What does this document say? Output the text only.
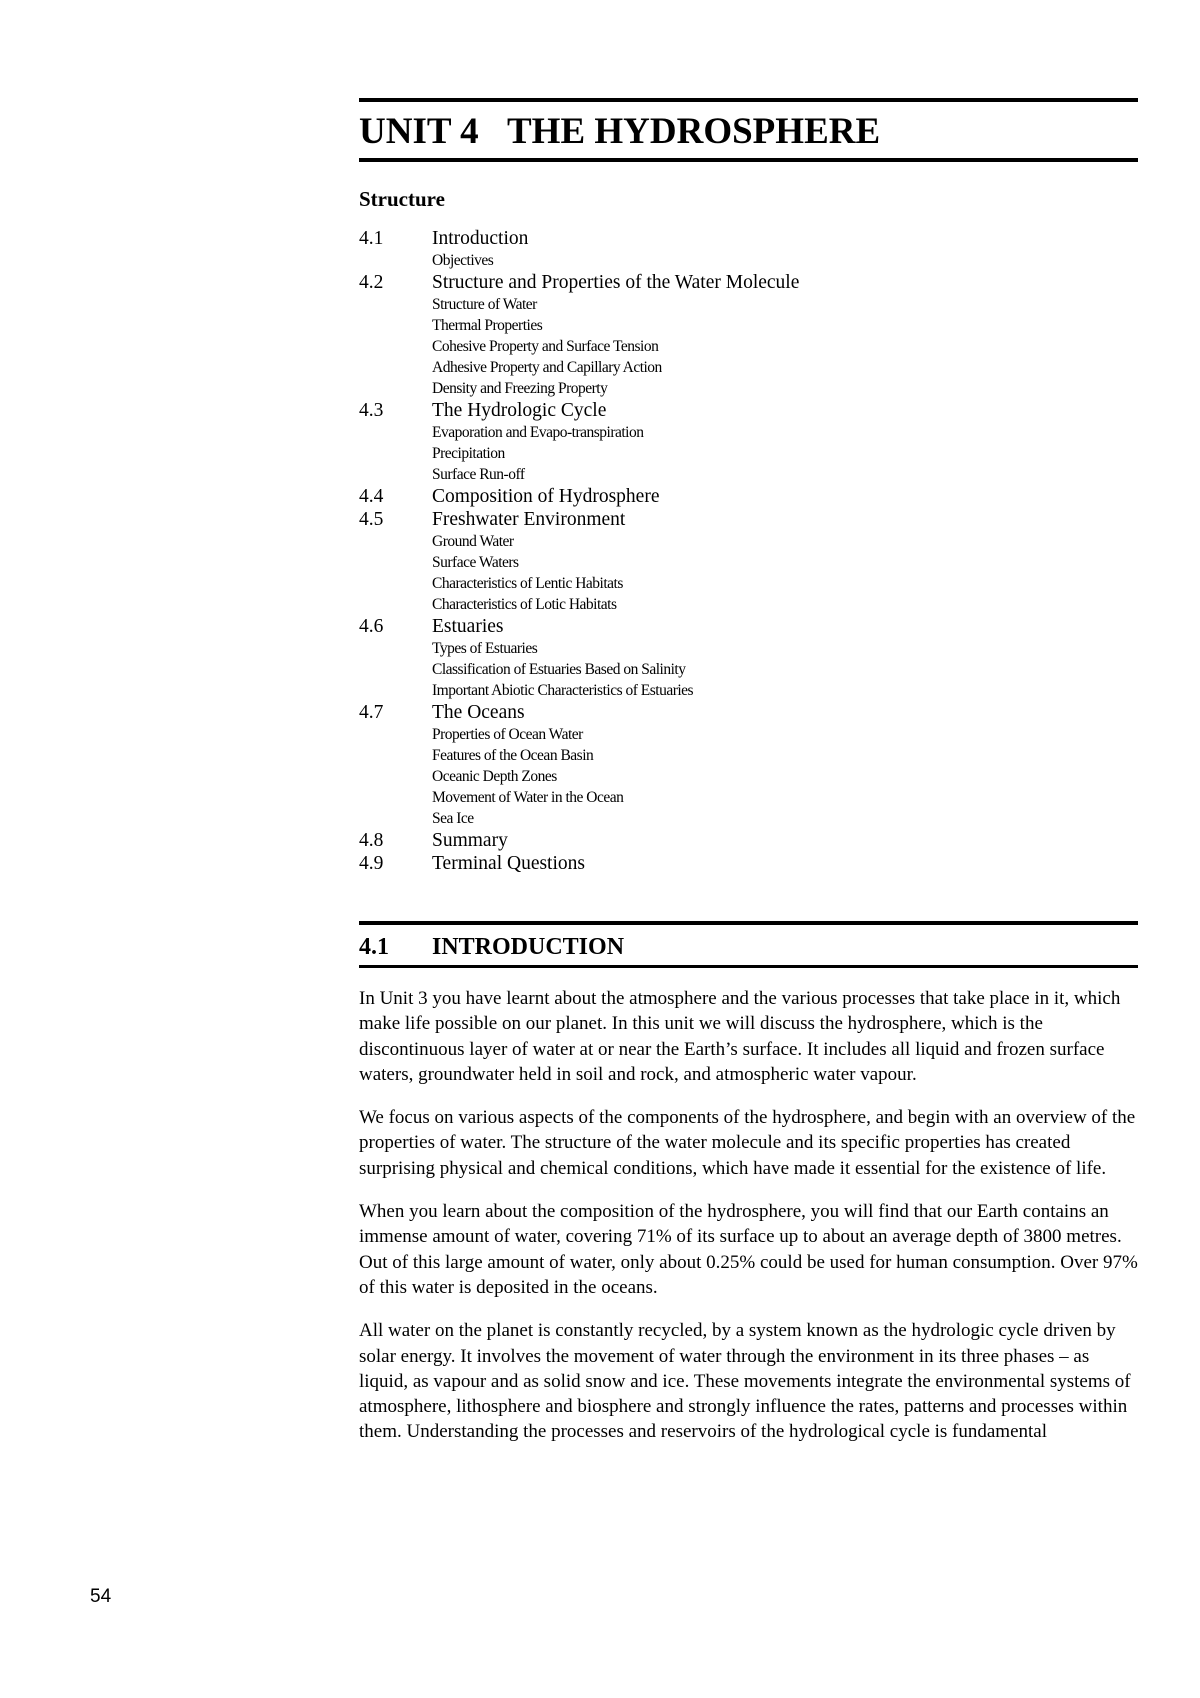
UNIT 4 THE HYDROSPHERE
Structure
4.1	Introduction
Objectives
4.2	Structure and Properties of the Water Molecule
Structure of Water
Thermal Properties
Cohesive Property and Surface Tension
Adhesive Property and Capillary Action
Density and Freezing Property
4.3	The Hydrologic Cycle
Evaporation and Evapo-transpiration
Precipitation
Surface Run-off
4.4	Composition of Hydrosphere
4.5	Freshwater Environment
Ground Water
Surface Waters
Characteristics of Lentic Habitats
Characteristics of Lotic Habitats
4.6	Estuaries
Types of Estuaries
Classification of Estuaries Based on Salinity
Important Abiotic Characteristics of Estuaries
4.7	The Oceans
Properties of Ocean Water
Features of the Ocean Basin
Oceanic Depth Zones
Movement of Water in the Ocean
Sea Ice
4.8	Summary
4.9	Terminal Questions
4.1	INTRODUCTION

In Unit 3 you have learnt about the atmosphere and the various processes that take place in it, which make life possible on our planet. In this unit we will discuss the hydrosphere, which is the discontinuous layer of water at or near the Earth’s surface. It includes all liquid and frozen surface waters, groundwater held in soil and rock, and atmospheric water vapour.

We focus on various aspects of the components of the hydrosphere, and begin with an overview of the properties of water. The structure of the water molecule and its specific properties has created surprising physical and chemical conditions, which have made it essential for the existence of life.

When you learn about the composition of the hydrosphere, you will find that our Earth contains an immense amount of water, covering 71% of its surface up to about an average depth of 3800 metres. Out of this large amount of water, only about 0.25% could be used for human consumption. Over 97% of this water is deposited in the oceans.

All water on the planet is constantly recycled, by a system known as the hydrologic cycle driven by solar energy. It involves the movement of water through the environment in its three phases – as liquid, as vapour and as solid snow and ice. These movements integrate the environmental systems of atmosphere, lithosphere and biosphere and strongly influence the rates, patterns and processes within them. Understanding the processes and reservoirs of the hydrological cycle is fundamental

54
